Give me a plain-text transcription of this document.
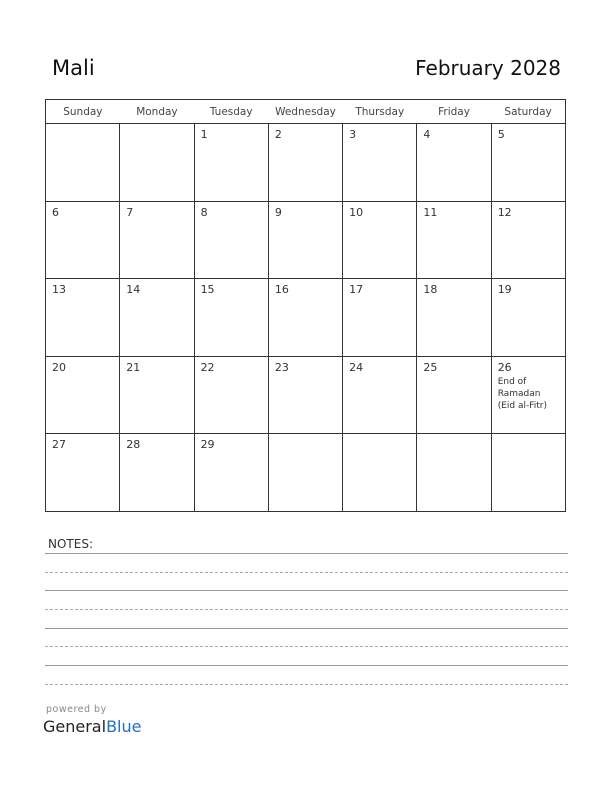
Mali	February 2028
Sunday	Monday	Tuesday	Wednesday	Thursday	Friday	Saturday

		1	2	3	4	5

6	7	8	9	10	11	12

13	14	15	16	17	18	19

20	21	22	23	24	25	26
End of Ramadan (Eid al-Fitr)

27	28	29				

NOTES:
powered by
GeneralBlue
